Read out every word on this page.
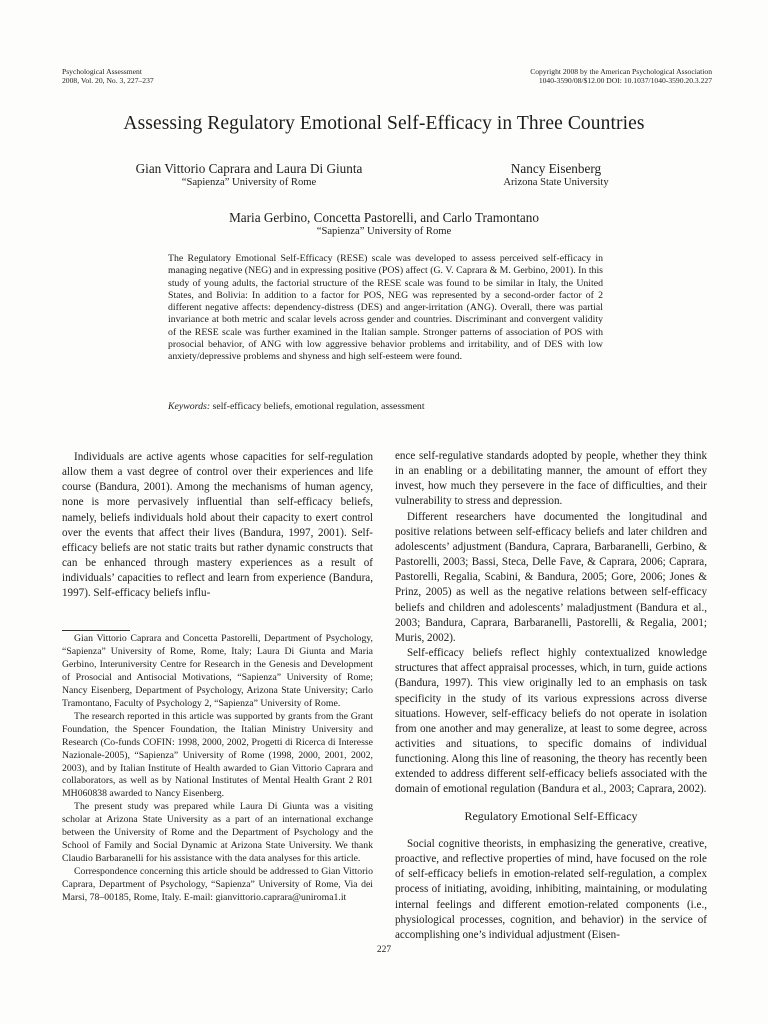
Psychological Assessment
2008, Vol. 20, No. 3, 227–237
Copyright 2008 by the American Psychological Association
1040-3590/08/$12.00 DOI: 10.1037/1040-3590.20.3.227
Assessing Regulatory Emotional Self-Efficacy in Three Countries
Gian Vittorio Caprara and Laura Di Giunta
“Sapienza” University of Rome
Nancy Eisenberg
Arizona State University
Maria Gerbino, Concetta Pastorelli, and Carlo Tramontano
“Sapienza” University of Rome
The Regulatory Emotional Self-Efficacy (RESE) scale was developed to assess perceived self-efficacy in managing negative (NEG) and in expressing positive (POS) affect (G. V. Caprara & M. Gerbino, 2001). In this study of young adults, the factorial structure of the RESE scale was found to be similar in Italy, the United States, and Bolivia: In addition to a factor for POS, NEG was represented by a second-order factor of 2 different negative affects: dependency-distress (DES) and anger-irritation (ANG). Overall, there was partial invariance at both metric and scalar levels across gender and countries. Discriminant and convergent validity of the RESE scale was further examined in the Italian sample. Stronger patterns of association of POS with prosocial behavior, of ANG with low aggressive behavior problems and irritability, and of DES with low anxiety/depressive problems and shyness and high self-esteem were found.
Keywords: self-efficacy beliefs, emotional regulation, assessment

Individuals are active agents whose capacities for self-regulation allow them a vast degree of control over their experiences and life course (Bandura, 2001). Among the mechanisms of human agency, none is more pervasively influential than self-efficacy beliefs, namely, beliefs individuals hold about their capacity to exert control over the events that affect their lives (Bandura, 1997, 2001). Self-efficacy beliefs are not static traits but rather dynamic constructs that can be enhanced through mastery experiences as a result of individuals’ capacities to reflect and learn from experience (Bandura, 1997). Self-efficacy beliefs influ-

Gian Vittorio Caprara and Concetta Pastorelli, Department of Psychology, “Sapienza” University of Rome, Rome, Italy; Laura Di Giunta and Maria Gerbino, Interuniversity Centre for Research in the Genesis and Development of Prosocial and Antisocial Motivations, “Sapienza” University of Rome; Nancy Eisenberg, Department of Psychology, Arizona State University; Carlo Tramontano, Faculty of Psychology 2, “Sapienza” University of Rome.

The research reported in this article was supported by grants from the Grant Foundation, the Spencer Foundation, the Italian Ministry University and Research (Co-funds COFIN: 1998, 2000, 2002, Progetti di Ricerca di Interesse Nazionale-2005), “Sapienza” University of Rome (1998, 2000, 2001, 2002, 2003), and by Italian Institute of Health awarded to Gian Vittorio Caprara and collaborators, as well as by National Institutes of Mental Health Grant 2 R01 MH060838 awarded to Nancy Eisenberg.

The present study was prepared while Laura Di Giunta was a visiting scholar at Arizona State University as a part of an international exchange between the University of Rome and the Department of Psychology and the School of Family and Social Dynamic at Arizona State University. We thank Claudio Barbaranelli for his assistance with the data analyses for this article.

Correspondence concerning this article should be addressed to Gian Vittorio Caprara, Department of Psychology, “Sapienza” University of Rome, Via dei Marsi, 78–00185, Rome, Italy. E-mail: gianvittorio.caprara@uniroma1.it

ence self-regulative standards adopted by people, whether they think in an enabling or a debilitating manner, the amount of effort they invest, how much they persevere in the face of difficulties, and their vulnerability to stress and depression.

Different researchers have documented the longitudinal and positive relations between self-efficacy beliefs and later children and adolescents’ adjustment (Bandura, Caprara, Barbaranelli, Gerbino, & Pastorelli, 2003; Bassi, Steca, Delle Fave, & Caprara, 2006; Caprara, Pastorelli, Regalia, Scabini, & Bandura, 2005; Gore, 2006; Jones & Prinz, 2005) as well as the negative relations between self-efficacy beliefs and children and adolescents’ maladjustment (Bandura et al., 2003; Bandura, Caprara, Barbaranelli, Pastorelli, & Regalia, 2001; Muris, 2002).

Self-efficacy beliefs reflect highly contextualized knowledge structures that affect appraisal processes, which, in turn, guide actions (Bandura, 1997). This view originally led to an emphasis on task specificity in the study of its various expressions across diverse situations. However, self-efficacy beliefs do not operate in isolation from one another and may generalize, at least to some degree, across activities and situations, to specific domains of individual functioning. Along this line of reasoning, the theory has recently been extended to address different self-efficacy beliefs associated with the domain of emotional regulation (Bandura et al., 2003; Caprara, 2002).

Regulatory Emotional Self-Efficacy

Social cognitive theorists, in emphasizing the generative, creative, proactive, and reflective properties of mind, have focused on the role of self-efficacy beliefs in emotion-related self-regulation, a complex process of initiating, avoiding, inhibiting, maintaining, or modulating internal feelings and different emotion-related components (i.e., physiological processes, cognition, and behavior) in the service of accomplishing one’s individual adjustment (Eisen-

227
